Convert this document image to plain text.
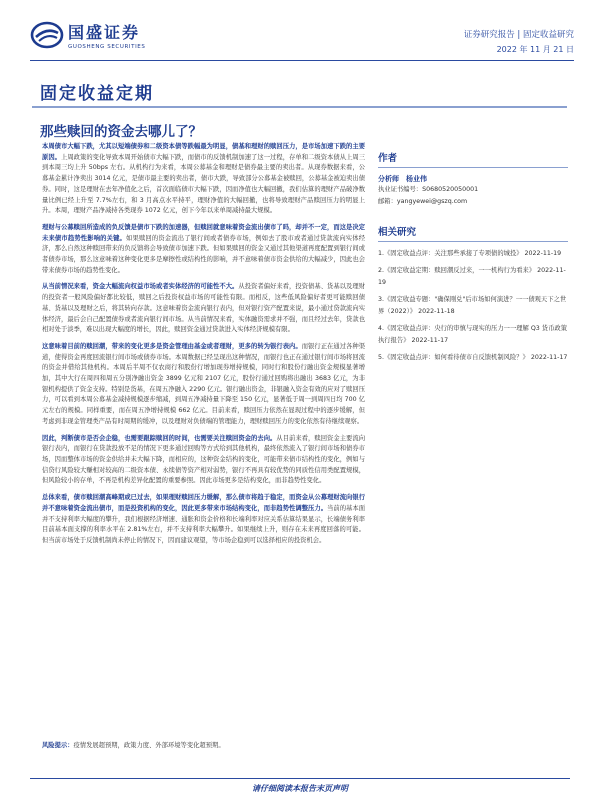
国盛证券
GUOSHENG SECURITIES
证券研究报告 | 固定收益研究
2022 年 11 月 21 日
固定收益定期
那些赎回的资金去哪儿了？

本周债市大幅下跌，尤其以短端债券和二级资本债等跌幅最为明显，债基和理财的赎回压力，是市场加速下跌的主要原因。上周政策的变化导致本周开始债市大幅下跌，而债市的反馈机制加速了这一过程，存单和二级资本债从上周三到本周三均上升 50bps 左右。从机构行为来看，本周公募基金和理财是债券最主要的卖出者。从现券数据来看，公募基金累计净卖出 3014 亿元，是债市最主要的卖出者，债市大跌，导致部分公募基金被赎回，公募基金被迫卖出债券。同时，这是理财在去年净值化之后，首次面临债市大幅下跌，因而净值也大幅回撤，我们估算的理财产品破净数量比例已经上升至 7.7%左右，和 3 月高点水平持平，理财净值的大幅回撤，也将导致理财产品赎回压力的明显上升。本周，理财产品净减持各类现券 1072 亿元，创下今年以来单周减持最大规模。

理财与公募赎回所造成的负反馈是债市下跌的加速器，但赎回就意味着资金流出债市了吗，却并不一定，而这是决定未来债市趋势性影响的关键。如果赎回的资金流出了银行间或者债券市场，例如去了股市或者通过贷款流向实体经济，那么自然这种赎回带来的负反馈将会导致债市加速下跌。但如果赎回的资金又通过其他渠道再度配置到银行间或者债券市场，那么这意味着这种变化更多是摩擦性或结构性的影响，并不意味着债市资金供给的大幅减少，因此也会带来债券市场的趋势性变化。

从当前情况来看，资金大幅流向权益市场或者实体经济的可能性不大。从投资者偏好来看，投资债基、货基以及理财的投资者一般风险偏好都比较低，赎回之后投资权益市场的可能性有限。而相反，这些低风险偏好者更可能赎回债基、货基以及理财之后，将其转向存款。这意味着资金流向银行表内，但对银行资产配置来说，最小通过贷款流向实体经济，最后会自己配置债券或者流向银行间市场。从当前情况来看，实体融资需求并不强，而且经过去年，贷款也相对处于淡季，难以出现大幅度的增长，因此，赎回资金通过贷款进入实体经济规模有限。

这意味着目前的赎回潮，带来的变化更多是资金管理由基金或者理财，更多的转为银行表内。而银行正在通过各种渠道，使得资金再度回流银行间市场或债券市场。本周数据已经呈现出这种情况，而银行也正在通过银行间市场将回流的资金并借给其他机构。本周后半周不仅农商行和股份行增加现券增持规模，同时行和股份行融出资金规模显著增加，其中大行在周四和周五分别净融出资金 3899 亿元和 2107 亿元，股份行通过回购将出融出 3683 亿元，为非银机构提供了资金支持。特别是货基，在周五净融入 2290 亿元。银行融出资金，非银融入资金有效的应对了赎回压力，可以看到本周公募基金减持规模逐步缩减，到周五净减持量下降至 150 亿元，显著低于周一到周四日均 700 亿元左右的规模。同样重要，而在周五净增持规模 662 亿元。目前来看，赎回压力依然在显现过程中的逐步缓解，但考虑到非现金管理类产品有时周期的缓冲，以及理财对负债端的管理能力，理财赎回压力的变化依然有待继续观察。

因此，判断债市是否会企稳，也需要跟踪赎回的时间，也需要关注赎回资金的去向。从目前来看，赎回资金主要流向银行表内，而银行在贷款投放不足的情况下更多通过回购等方式给到其他机构，最终依然流入了银行间市场和债券市场，因而整体市场的资金供给并未大幅下降，而相应的，这种资金结构的变化，可能带来债市结构性的变化，例如与信贷行风险较大赚相对较高的二级资本债、永续债等资产相对弱势，银行不再具有较优势的同质性信用类配置规模，但风险较小的存单，不再是机构差异化配置的重要参照。因此市场更多是结构变化，而非趋势性变化。

总体来看，债市赎回潮高峰期或已过去，如果理财赎回压力缓解，那么债市将趋于稳定，而资金从公募理财流向银行并不意味着资金流出债市，而是投资机构的变化，因此更多带来市场结构变化，而非趋势性调整压力。当前的基本面并不支持利率大幅度的攀升，我们根据经济增速、通胀和资金价格和长端利率对应关系估算结果显示，长端债务利率目前基本面支撑的利率水平在 2.81%左右，并不支持利率大幅攀升。如果继续上升，则存在未来再度回落的可能。但当前市场处于反馈机制尚未停止的情况下，因而建议观望，等市场企稳到可以选择相应的投资机会。

风险提示：疫情发展超预期，政策力度、外部环境等变化超预期。
作者
分析师　杨业伟
执业证书编号：S0680520050001
邮箱：yangyewei@gszq.com
相关研究
1.《固定收益点评：关注那些承接了专项债的城投》 2022-11-19
2.《固定收益定期：赎回潮反过来，一一机构行为看来》 2022-11-19
3.《固定收益专题："确保刚兑"后市场如何演进？一一债观天下之世界（2022）》 2022-11-18
4.《固定收益点评：央行的审慎与现实的压力一一理解 Q3 货币政策执行报告》 2022-11-17
5.《固定收益点评：如何看待债市自反馈机制风险？》 2022-11-17
请仔细阅读本报告末页声明
